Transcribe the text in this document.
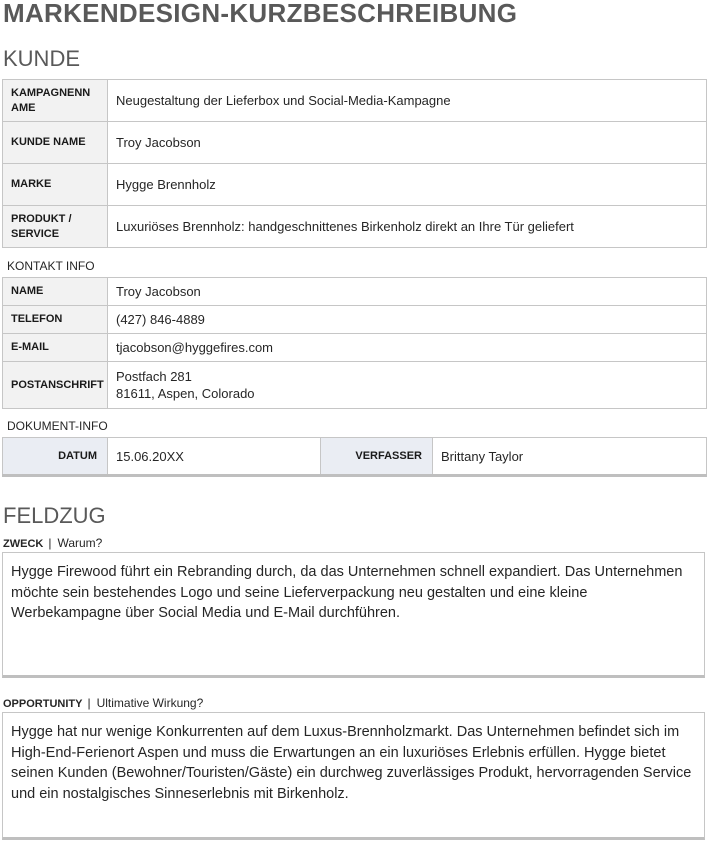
MARKENDESIGN-KURZBESCHREIBUNG
KUNDE
KAMPAGNENN AME	Neugestaltung der Lieferbox und Social-Media-Kampagne
KUNDE NAME	Troy Jacobson
MARKE	Hygge Brennholz
PRODUKT / SERVICE	Luxuriöses Brennholz: handgeschnittenes Birkenholz direkt an Ihre Tür geliefert
KONTAKT INFO
NAME	Troy Jacobson
TELEFON	(427) 846-4889
E-MAIL	tjacobson@hyggefires.com
POSTANSCHRIFT	Postfach 281
81611, Aspen, Colorado
DOKUMENT-INFO
DATUM	15.06.20XX	VERFASSER	Brittany Taylor
FELDZUG
ZWECK | Warum?
Hygge Firewood führt ein Rebranding durch, da das Unternehmen schnell expandiert. Das Unternehmen möchte sein bestehendes Logo und seine Lieferverpackung neu gestalten und eine kleine Werbekampagne über Social Media und E-Mail durchführen.
OPPORTUNITY | Ultimative Wirkung?
Hygge hat nur wenige Konkurrenten auf dem Luxus-Brennholzmarkt. Das Unternehmen befindet sich im High-End-Ferienort Aspen und muss die Erwartungen an ein luxuriöses Erlebnis erfüllen. Hygge bietet seinen Kunden (Bewohner/Touristen/Gäste) ein durchweg zuverlässiges Produkt, hervorragenden Service und ein nostalgisches Sinneserlebnis mit Birkenholz.
